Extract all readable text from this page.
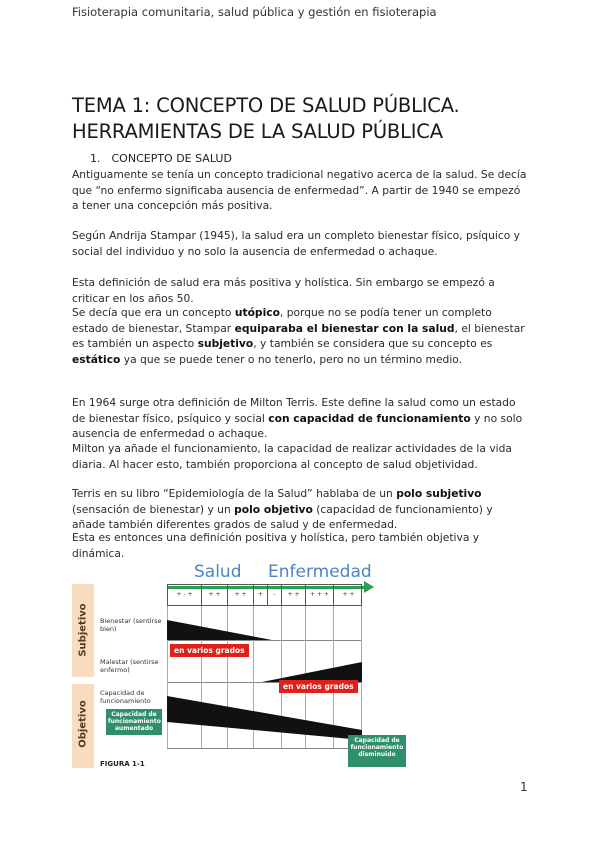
Fisioterapia comunitaria, salud pública y gestión en fisioterapia
TEMA 1: CONCEPTO DE SALUD PÚBLICA.
HERRAMIENTAS DE LA SALUD PÚBLICA
1. CONCEPTO DE SALUD

Antiguamente se tenía un concepto tradicional negativo acerca de la salud. Se decía que “no enfermo significaba ausencia de enfermedad”. A partir de 1940 se empezó a tener una concepción más positiva.

Según Andrija Stampar (1945), la salud era un completo bienestar físico, psíquico y social del individuo y no solo la ausencia de enfermedad o achaque.

Esta definición de salud era más positiva y holística. Sin embargo se empezó a criticar en los años 50.

Se decía que era un concepto utópico, porque no se podía tener un completo estado de bienestar, Stampar equiparaba el bienestar con la salud, el bienestar es también un aspecto subjetivo, y también se considera que su concepto es estático ya que se puede tener o no tenerlo, pero no un término medio.

En 1964 surge otra definición de Milton Terris. Este define la salud como un estado de bienestar físico, psíquico y social con capacidad de funcionamiento y no solo ausencia de enfermedad o achaque.

Milton ya añade el funcionamiento, la capacidad de realizar actividades de la vida diaria. Al hacer esto, también proporciona al concepto de salud objetividad.

Terris en su libro “Epidemiología de la Salud” hablaba de un polo subjetivo (sensación de bienestar) y un polo objetivo (capacidad de funcionamiento) y añade también diferentes grados de salud y de enfermedad.

Esta es entonces una definición positiva y holística, pero también objetiva y dinámica.

Salud Enfermedad
Subjetivo
Objetivo
+ - +	+ +	+ +	+	-	+ +	+ + +	+ +
Bienestar (sentirse bien)
Malestar (sentirse enfermo)
Capacidad de funcionamiento
en varios grados
en varios grados
Capacidad de funcionamiento aumentado
Capacidad de funcionamiento disminuido
FIGURA 1-1
1
